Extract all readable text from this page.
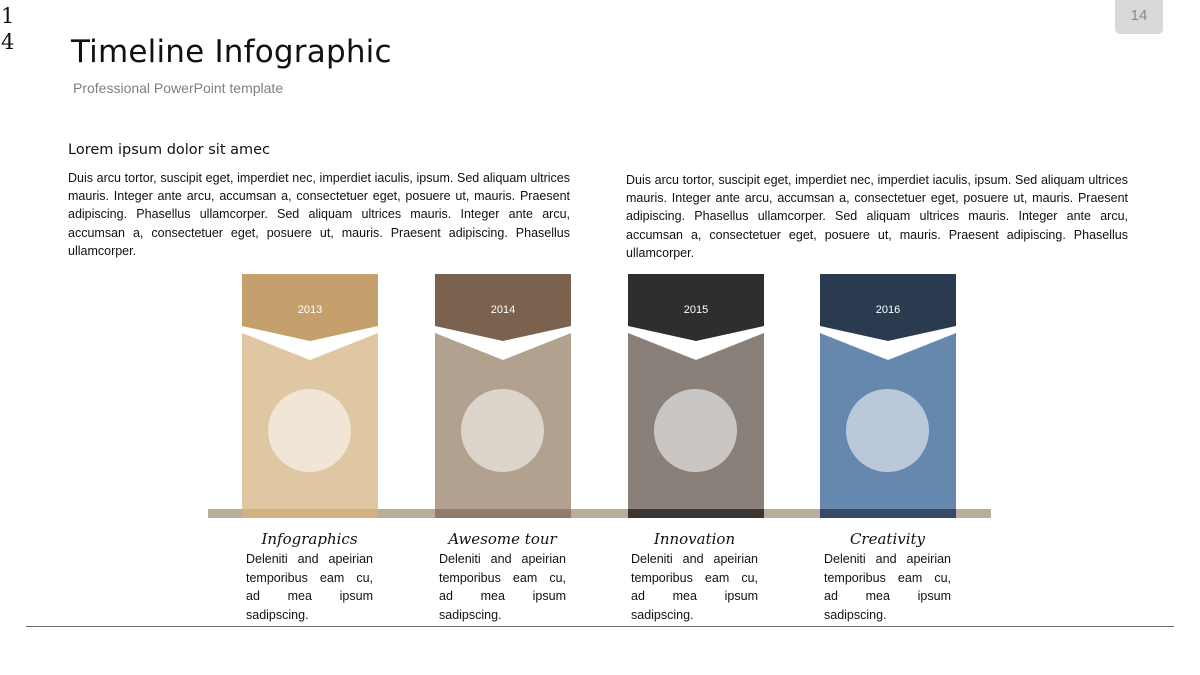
14
14
Timeline Infographic
Professional PowerPoint template
Lorem ipsum dolor sit amec
Duis arcu tortor, suscipit eget, imperdiet nec, imperdiet iaculis, ipsum. Sed aliquam ultrices mauris. Integer ante arcu, accumsan a, consectetuer eget, posuere ut, mauris. Praesent adipiscing. Phasellus ullamcorper. Sed aliquam ultrices mauris. Integer ante arcu, accumsan a, consectetuer eget, posuere ut, mauris. Praesent adipiscing. Phasellus ullamcorper.
Duis arcu tortor, suscipit eget, imperdiet nec, imperdiet iaculis, ipsum. Sed aliquam ultrices mauris. Integer ante arcu, accumsan a, consectetuer eget, posuere ut, mauris. Praesent adipiscing. Phasellus ullamcorper. Sed aliquam ultrices mauris. Integer ante arcu, accumsan a, consectetuer eget, posuere ut, mauris. Praesent adipiscing. Phasellus ullamcorper.
2013	2014	2015	2016
Infographics
Deleniti and apeirian temporibus eam cu, ad mea ipsum sadipscing.
Awesome tour
Deleniti and apeirian temporibus eam cu, ad mea ipsum sadipscing.
Innovation
Deleniti and apeirian temporibus eam cu, ad mea ipsum sadipscing.
Creativity
Deleniti and apeirian temporibus eam cu, ad mea ipsum sadipscing.
